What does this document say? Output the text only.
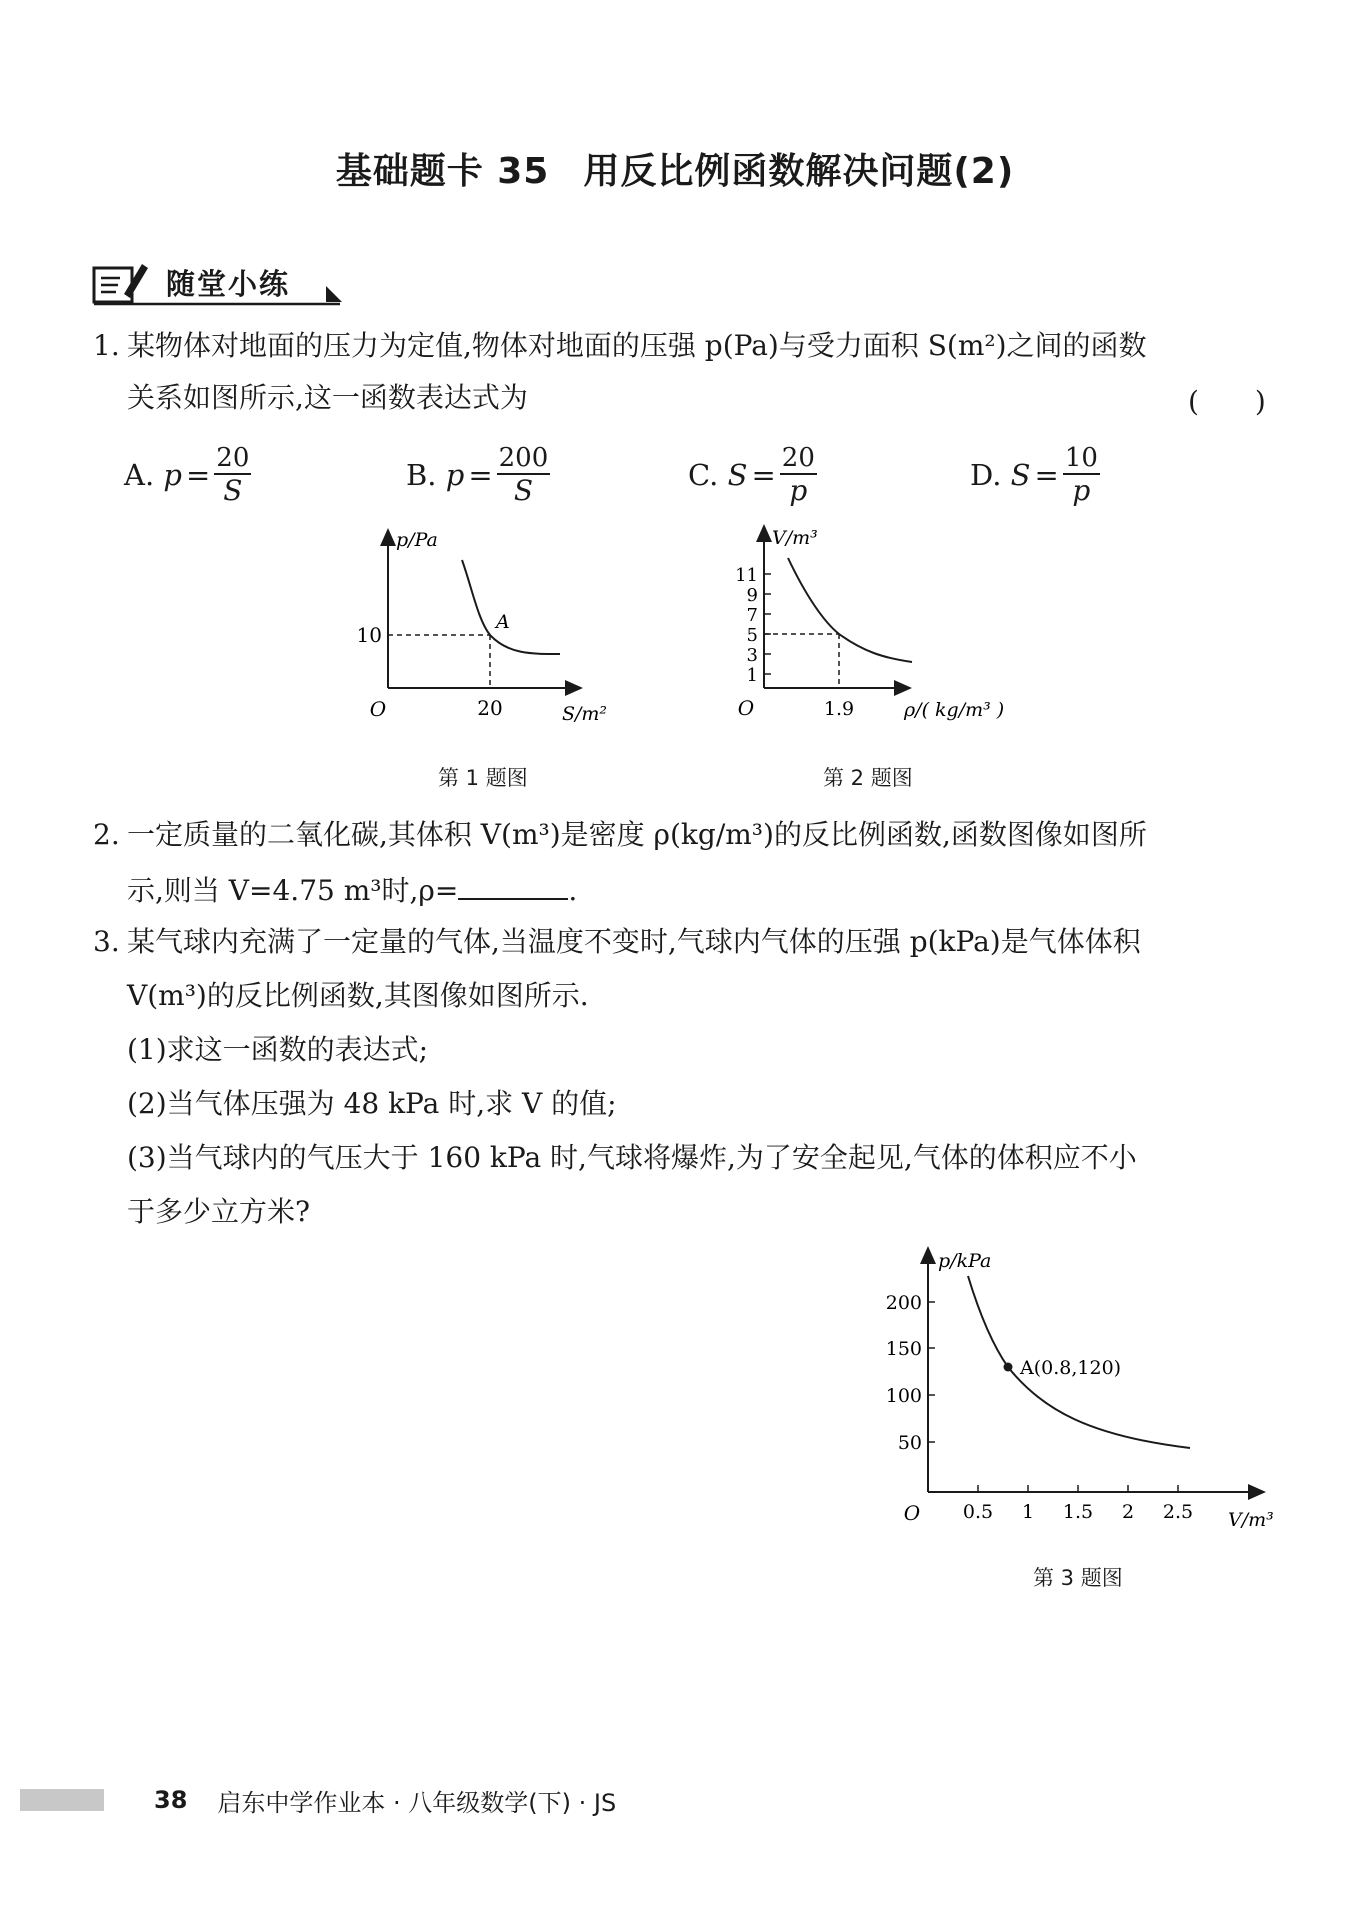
基础题卡 35 用反比例函数解决问题(2)
随堂小练
1. 某物体对地面的压力为定值,物体对地面的压强 p(Pa)与受力面积 S(m²)之间的函数
关系如图所示,这一函数表达式为	(　　)
A.
$p = \frac{20}{S}$	B.
$p = \frac{200}{S}$	C.
$S = \frac{20}{p}$	D.
$S = \frac{10}{p}$
p/Pa
S/m²
O
10
20
A
第 1 题图
V/m³
ρ/( kg/m³ )
O
11
9
7
5
3
1
1.9
第 2 题图
2. 一定质量的二氧化碳,其体积 V(m³)是密度 ρ(kg/m³)的反比例函数,函数图像如图所
示,则当 V=4.75 m³时,ρ=	.
3. 某气球内充满了一定量的气体,当温度不变时,气球内气体的压强 p(kPa)是气体体积
V(m³)的反比例函数,其图像如图所示.
(1)求这一函数的表达式;
(2)当气体压强为 48 kPa 时,求 V 的值;
(3)当气球内的气压大于 160 kPa 时,气球将爆炸,为了安全起见,气体的体积应不小
于多少立方米?
p/kPa
V/m³
O
200
150
100
50
0.5 1 1.5 2 2.5
A(0.8,120)
第 3 题图
38 启东中学作业本 · 八年级数学(下) · JS
